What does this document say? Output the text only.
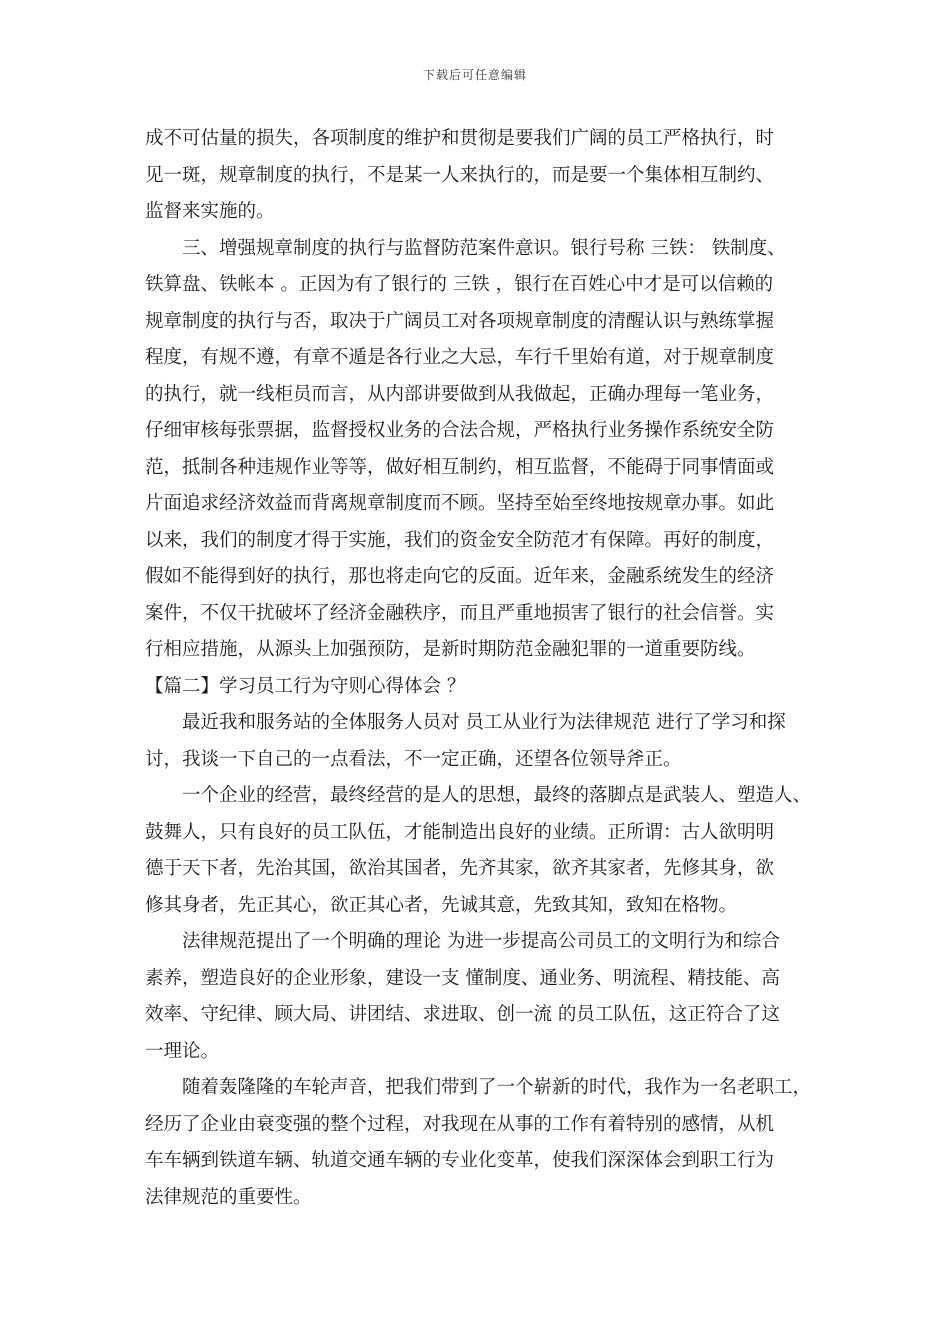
下载后可任意编辑
成不可估量的损失，各项制度的维护和贯彻是要我们广阔的员工严格执行，时
见一斑，规章制度的执行，不是某一人来执行的，而是要一个集体相互制约、
监督来实施的。
　　三、增强规章制度的执行与监督防范案件意识。银行号称 三铁： 铁制度、
铁算盘、铁帐本 。正因为有了银行的 三铁 ，银行在百姓心中才是可以信赖的
规章制度的执行与否，取决于广阔员工对各项规章制度的清醒认识与熟练掌握
程度，有规不遵，有章不遁是各行业之大忌，车行千里始有道，对于规章制度
的执行，就一线柜员而言，从内部讲要做到从我做起，正确办理每一笔业务，
仔细审核每张票据，监督授权业务的合法合规，严格执行业务操作系统安全防
范，抵制各种违规作业等等，做好相互制约，相互监督，不能碍于同事情面或
片面追求经济效益而背离规章制度而不顾。坚持至始至终地按规章办事。如此
以来，我们的制度才得于实施，我们的资金安全防范才有保障。再好的制度，
假如不能得到好的执行，那也将走向它的反面。近年来，金融系统发生的经济
案件，不仅干扰破坏了经济金融秩序，而且严重地损害了银行的社会信誉。实
行相应措施，从源头上加强预防，是新时期防范金融犯罪的一道重要防线。
【篇二】学习员工行为守则心得体会 ？
　　最近我和服务站的全体服务人员对 员工从业行为法律规范 进行了学习和探
讨，我谈一下自己的一点看法，不一定正确，还望各位领导斧正。
　　一个企业的经营，最终经营的是人的思想，最终的落脚点是武装人、塑造人、
鼓舞人，只有良好的员工队伍，才能制造出良好的业绩。正所谓：古人欲明明
德于天下者，先治其国，欲治其国者，先齐其家，欲齐其家者，先修其身，欲
修其身者，先正其心，欲正其心者，先诚其意，先致其知，致知在格物。
　　法律规范提出了一个明确的理论 为进一步提高公司员工的文明行为和综合
素养，塑造良好的企业形象，建设一支 懂制度、通业务、明流程、精技能、高
效率、守纪律、顾大局、讲团结、求进取、创一流 的员工队伍，这正符合了这
一理论。
　　随着轰隆隆的车轮声音，把我们带到了一个崭新的时代，我作为一名老职工，
经历了企业由衰变强的整个过程，对我现在从事的工作有着特别的感情，从机
车车辆到铁道车辆、轨道交通车辆的专业化变革，使我们深深体会到职工行为
法律规范的重要性。
